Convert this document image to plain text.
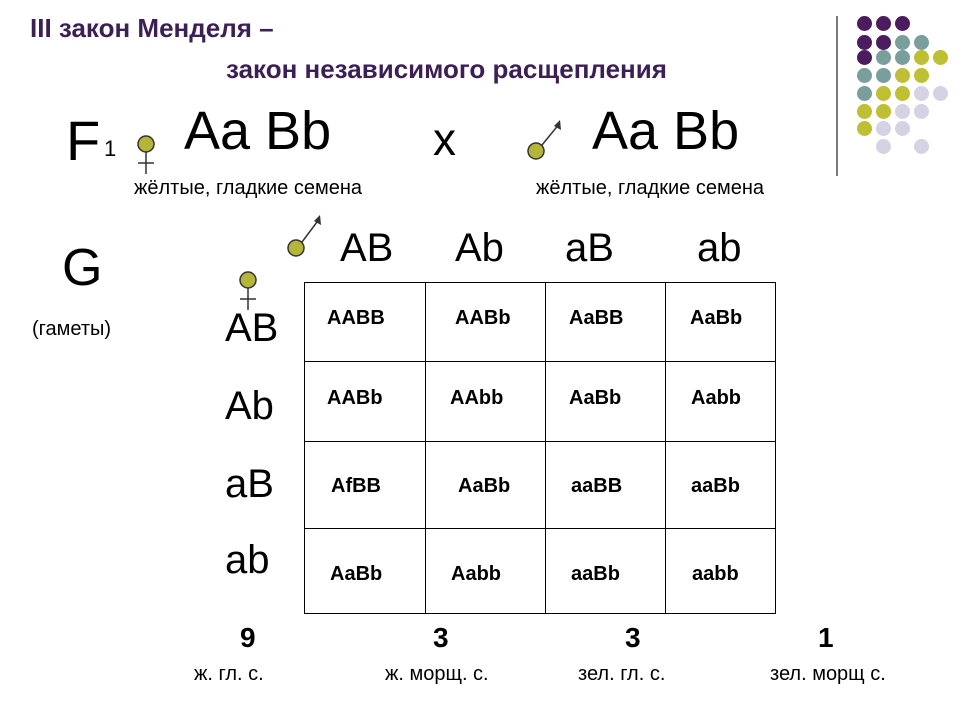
III закон Менделя –
закон независимого расщепления
F 1 Aa Bb х	Aa Bb
жёлтые, гладкие семена	жёлтые, гладкие семена
G
(гаметы)
AB Ab aB ab
AB
Ab
aB
ab
AABB	AABb	AaBB	AaBb
AABb	AAbb	AaBb	Aabb
AfBB	AaBb	aaBB	aaBb
AaBb	Aabb	aaBb	aabb
9	3	3	1
ж. гл. с.	ж. морщ. с.	зел. гл. с.	зел. морщ с.
